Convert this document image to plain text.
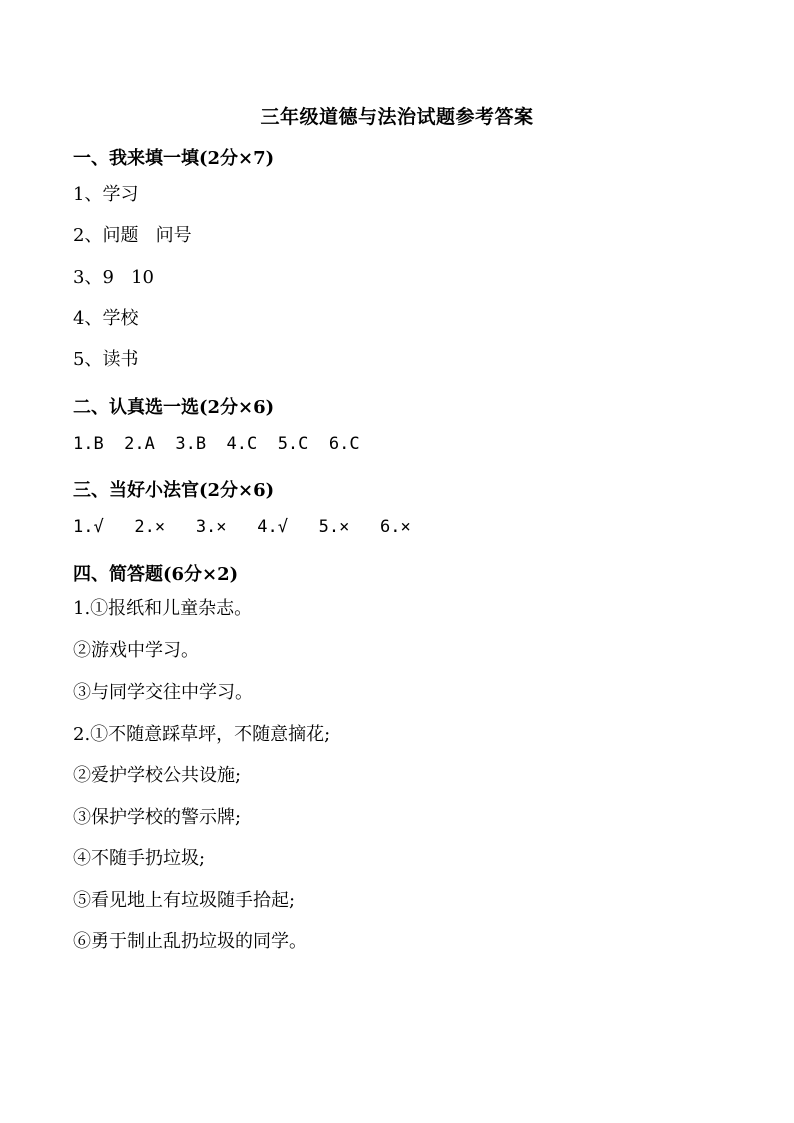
三年级道德与法治试题参考答案
一、我来填一填(2分×7)
1、学习
2、问题   问号
3、9   10
4、学校
5、读书
二、认真选一选(2分×6)
1.B  2.A  3.B  4.C  5.C  6.C
三、当好小法官(2分×6)
1.√   2.×   3.×   4.√   5.×   6.×
四、简答题(6分×2)
1.①报纸和儿童杂志。
②游戏中学习。
③与同学交往中学习。
2.①不随意踩草坪，不随意摘花;
②爱护学校公共设施;
③保护学校的警示牌;
④不随手扔垃圾;
⑤看见地上有垃圾随手拾起;
⑥勇于制止乱扔垃圾的同学。
